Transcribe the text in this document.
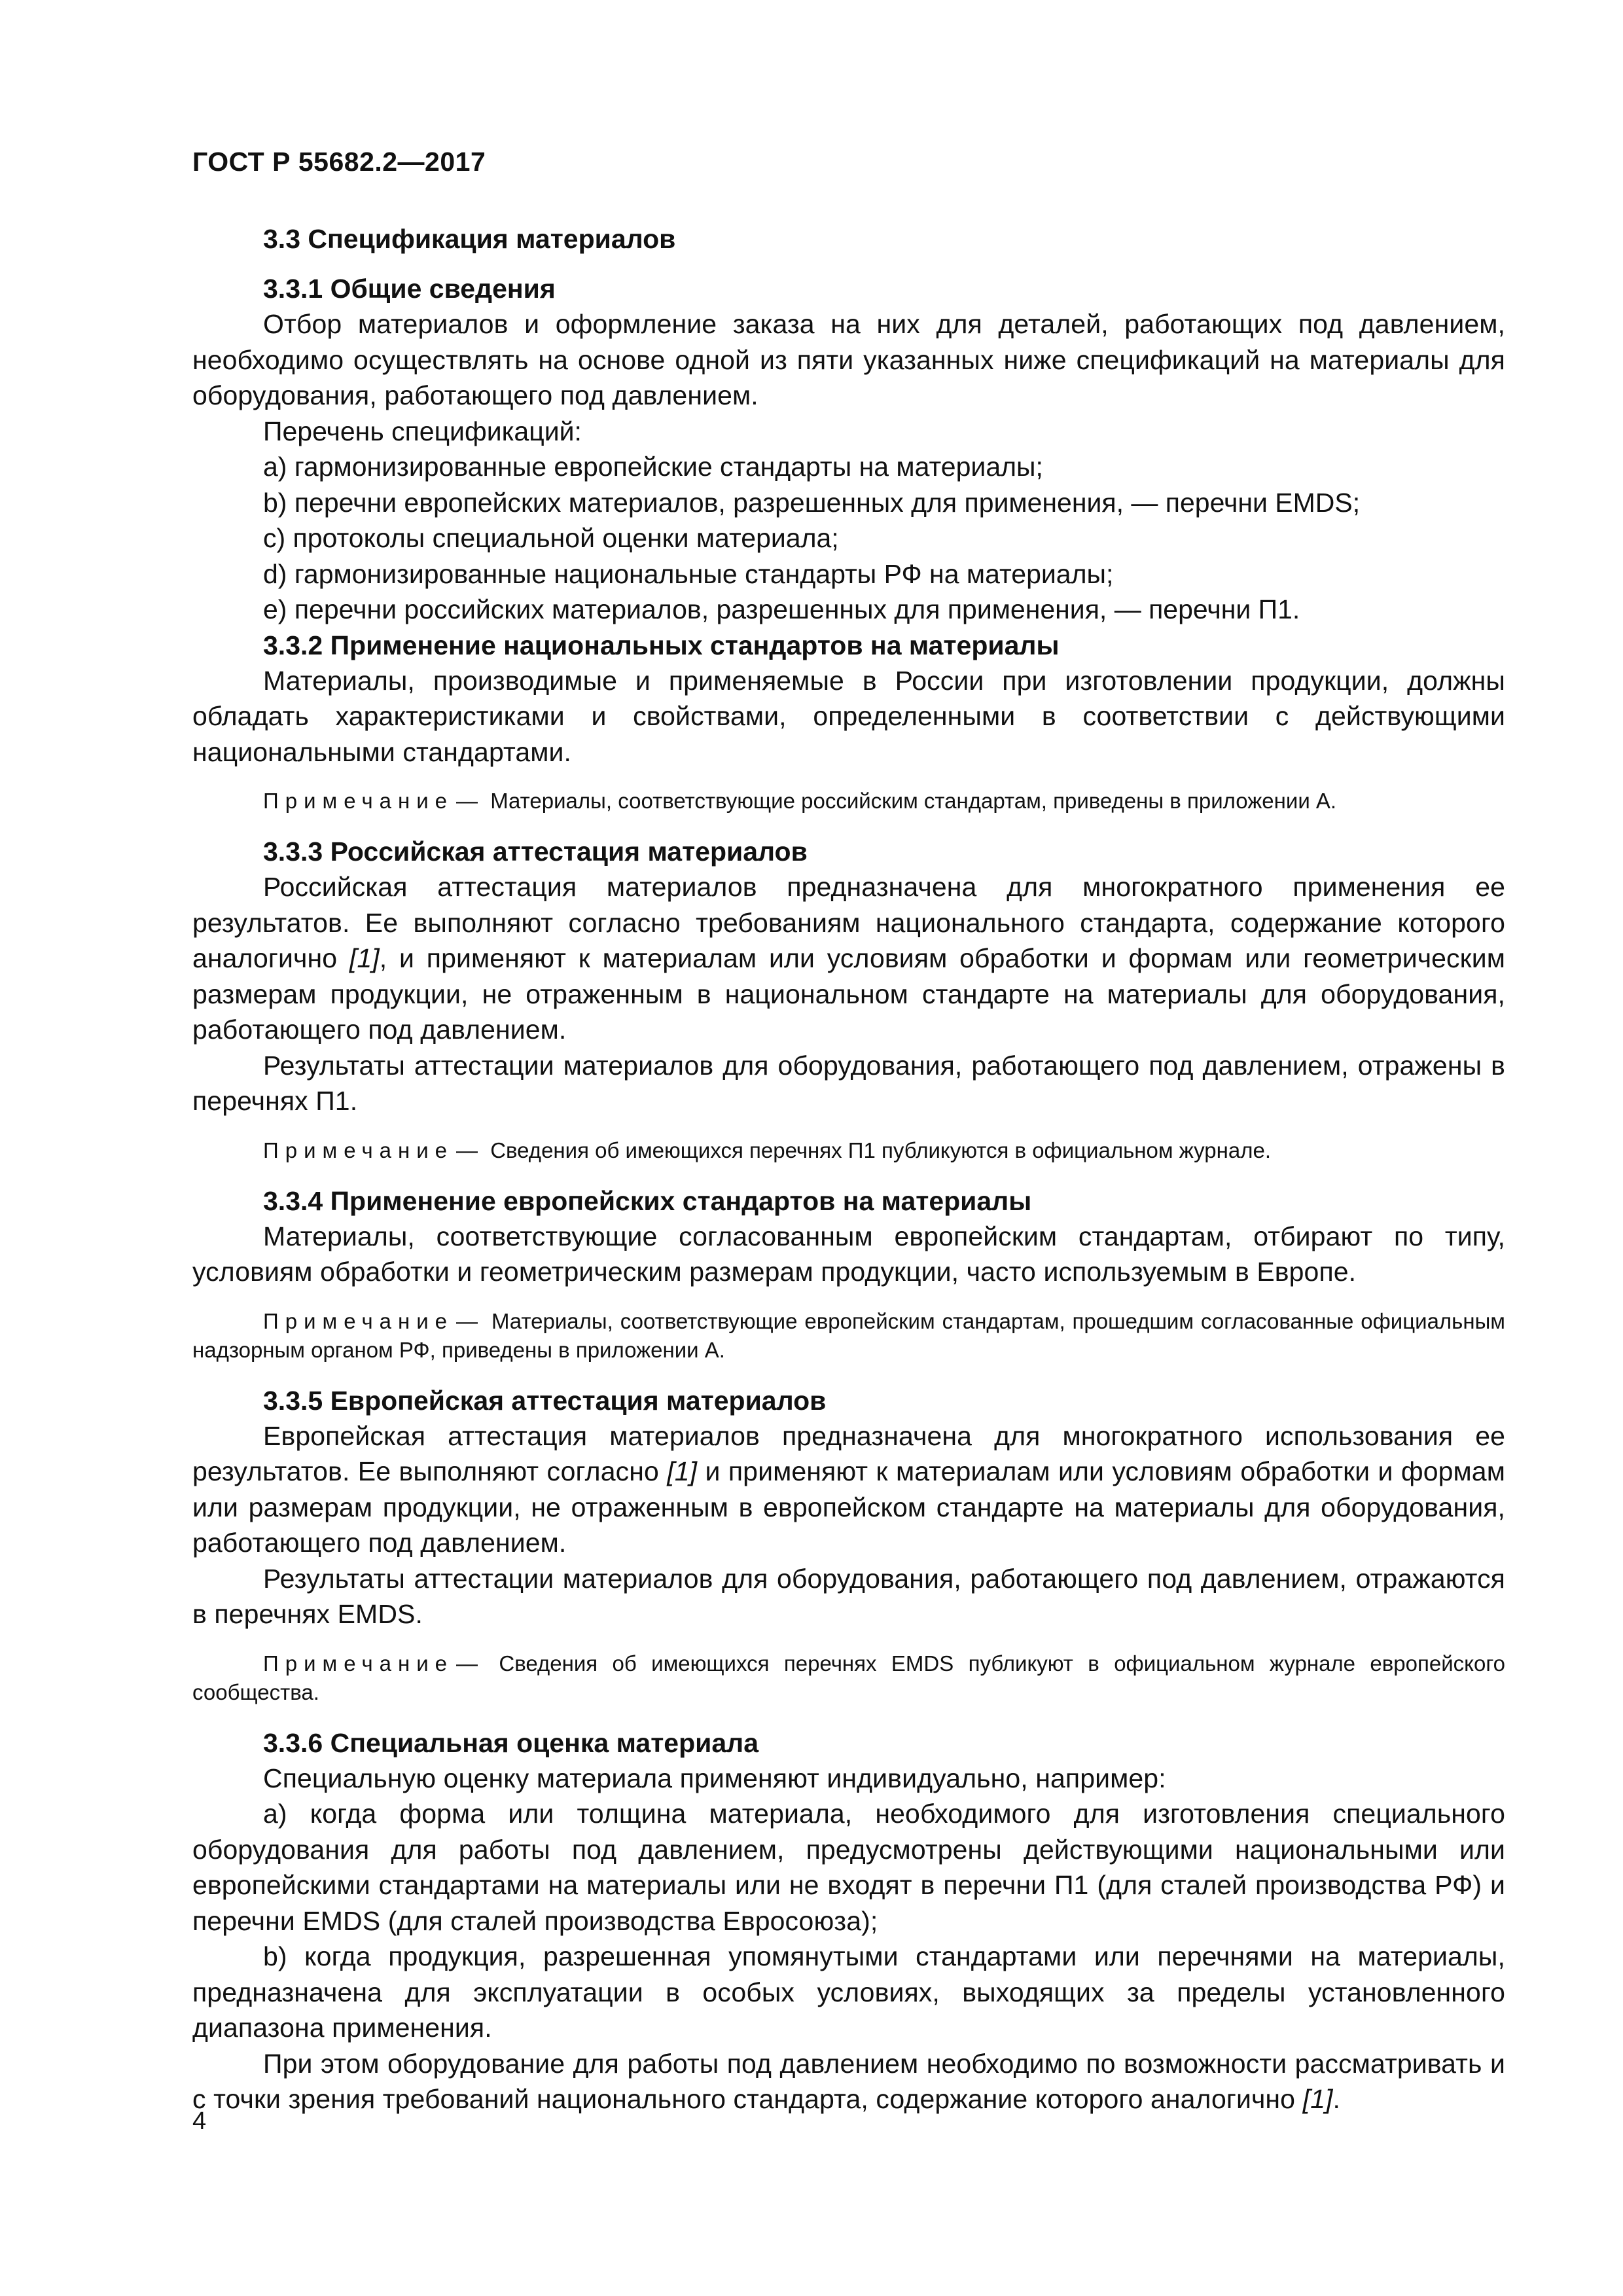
ГОСТ Р 55682.2—2017

3.3 Спецификация материалов

3.3.1 Общие сведения

Отбор материалов и оформление заказа на них для деталей, работающих под давлением, необходимо осуществлять на основе одной из пяти указанных ниже спецификаций на материалы для оборудования, работающего под давлением.

Перечень спецификаций:

a) гармонизированные европейские стандарты на материалы;

b) перечни европейских материалов, разрешенных для применения, — перечни EMDS;

c) протоколы специальной оценки материала;

d) гармонизированные национальные стандарты РФ на материалы;

e) перечни российских материалов, разрешенных для применения, — перечни П1.

3.3.2 Применение национальных стандартов на материалы

Материалы, производимые и применяемые в России при изготовлении продукции, должны обладать характеристиками и свойствами, определенными в соответствии с действующими национальными стандартами.

Примечание — Материалы, соответствующие российским стандартам, приведены в приложении А.

3.3.3 Российская аттестация материалов

Российская аттестация материалов предназначена для многократного применения ее результатов. Ее выполняют согласно требованиям национального стандарта, содержание которого аналогично [1], и применяют к материалам или условиям обработки и формам или геометрическим размерам продукции, не отраженным в национальном стандарте на материалы для оборудования, работающего под давлением.

Результаты аттестации материалов для оборудования, работающего под давлением, отражены в перечнях П1.

Примечание — Сведения об имеющихся перечнях П1 публикуются в официальном журнале.

3.3.4 Применение европейских стандартов на материалы

Материалы, соответствующие согласованным европейским стандартам, отбирают по типу, условиям обработки и геометрическим размерам продукции, часто используемым в Европе.

Примечание — Материалы, соответствующие европейским стандартам, прошедшим согласованные официальным надзорным органом РФ, приведены в приложении А.

3.3.5 Европейская аттестация материалов

Европейская аттестация материалов предназначена для многократного использования ее результатов. Ее выполняют согласно [1] и применяют к материалам или условиям обработки и формам или размерам продукции, не отраженным в европейском стандарте на материалы для оборудования, работающего под давлением.

Результаты аттестации материалов для оборудования, работающего под давлением, отражаются в перечнях EMDS.

Примечание — Сведения об имеющихся перечнях EMDS публикуют в официальном журнале европейского сообщества.

3.3.6 Специальная оценка материала

Специальную оценку материала применяют индивидуально, например:

а) когда форма или толщина материала, необходимого для изготовления специального оборудования для работы под давлением, предусмотрены действующими национальными или европейскими стандартами на материалы или не входят в перечни П1 (для сталей производства РФ) и перечни EMDS (для сталей производства Евросоюза);

b) когда продукция, разрешенная упомянутыми стандартами или перечнями на материалы, предназначена для эксплуатации в особых условиях, выходящих за пределы установленного диапазона применения.

При этом оборудование для работы под давлением необходимо по возможности рассматривать и с точки зрения требований национального стандарта, содержание которого аналогично [1].

4
